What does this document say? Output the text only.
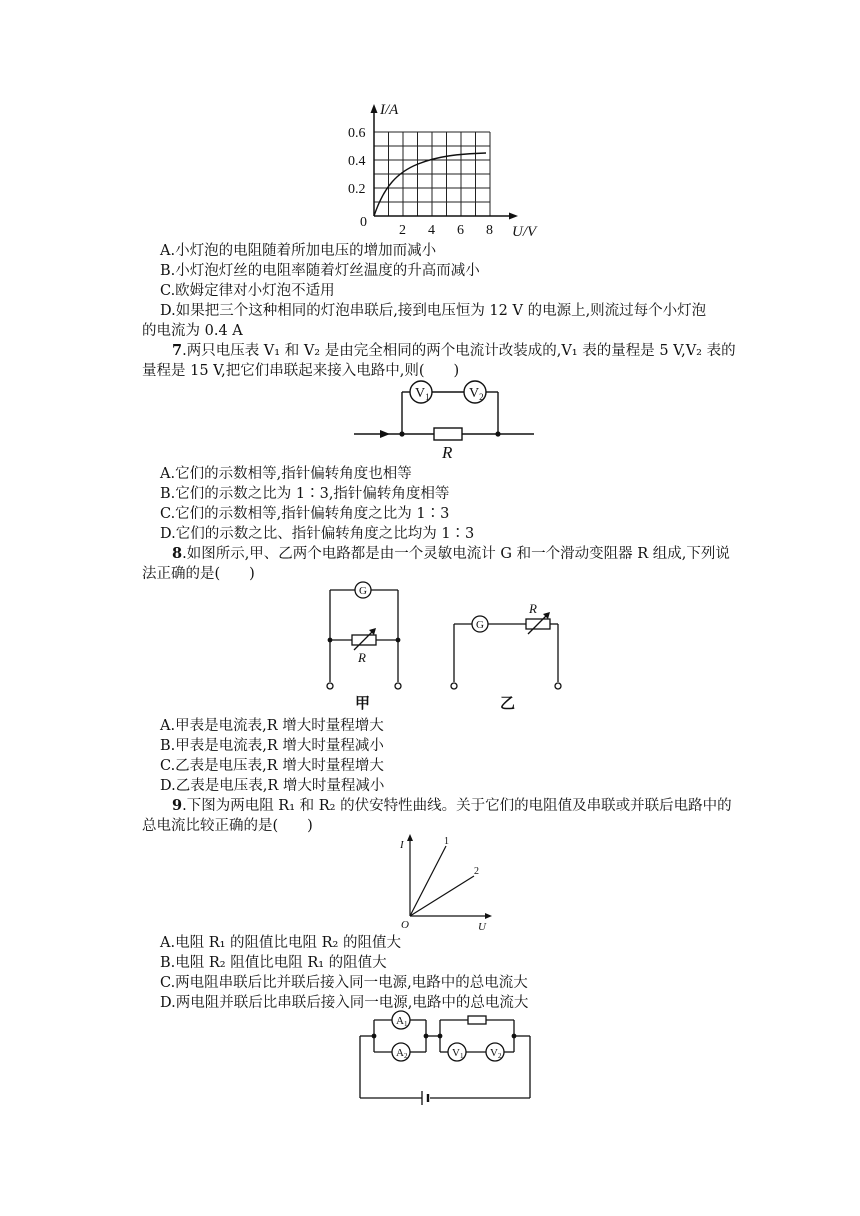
I/A
0.6
0.4
0.2
0
2 4 6 8 U/V
A.小灯泡的电阻随着所加电压的增加而减小
B.小灯泡灯丝的电阻率随着灯丝温度的升高而减小
C.欧姆定律对小灯泡不适用
D.如果把三个这种相同的灯泡串联后,接到电压恒为 12 V 的电源上,则流过每个小灯泡
的电流为 0.4 A
7.两只电压表 V₁ 和 V₂ 是由完全相同的两个电流计改装成的,V₁ 表的量程是 5 V,V₂ 表的
量程是 15 V,把它们串联起来接入电路中,则(　　)
$V_1$	$V_2$
R
A.它们的示数相等,指针偏转角度也相等
B.它们的示数之比为 1∶3,指针偏转角度相等
C.它们的示数相等,指针偏转角度之比为 1∶3
D.它们的示数之比、指针偏转角度之比均为 1∶3
8.如图所示,甲、乙两个电路都是由一个灵敏电流计 G 和一个滑动变阻器 R 组成,下列说
法正确的是(　　)
G
R
甲
G
R
乙
A.甲表是电流表,R 增大时量程增大
B.甲表是电流表,R 增大时量程减小
C.乙表是电压表,R 增大时量程增大
D.乙表是电压表,R 增大时量程减小
9.下图为两电阻 R₁ 和 R₂ 的伏安特性曲线。关于它们的电阻值及串联或并联后电路中的
总电流比较正确的是(　　)
I
U
O
1
2
A.电阻 R₁ 的阻值比电阻 R₂ 的阻值大
B.电阻 R₂ 阻值比电阻 R₁ 的阻值大
C.两电阻串联后比并联后接入同一电源,电路中的总电流大
D.两电阻并联后比串联后接入同一电源,电路中的总电流大
A1
A2	V1 V2
